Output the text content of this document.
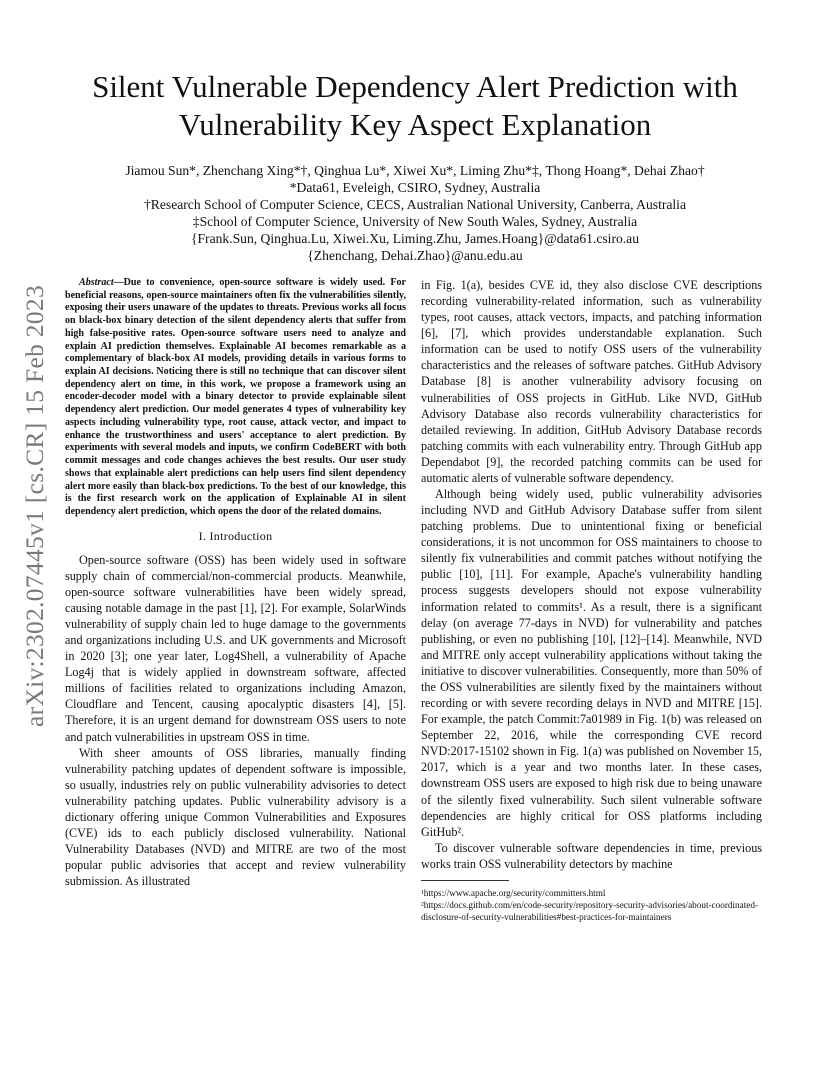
arXiv:2302.07445v1 [cs.CR] 15 Feb 2023
Silent Vulnerable Dependency Alert Prediction with
Vulnerability Key Aspect Explanation
Jiamou Sun*, Zhenchang Xing*†, Qinghua Lu*, Xiwei Xu*, Liming Zhu*‡, Thong Hoang*, Dehai Zhao†
*Data61, Eveleigh, CSIRO, Sydney, Australia
†Research School of Computer Science, CECS, Australian National University, Canberra, Australia
‡School of Computer Science, University of New South Wales, Sydney, Australia
{Frank.Sun, Qinghua.Lu, Xiwei.Xu, Liming.Zhu, James.Hoang}@data61.csiro.au
{Zhenchang, Dehai.Zhao}@anu.edu.au

Abstract—Due to convenience, open-source software is widely used. For beneficial reasons, open-source maintainers often fix the vulnerabilities silently, exposing their users unaware of the updates to threats. Previous works all focus on black-box binary detection of the silent dependency alerts that suffer from high false-positive rates. Open-source software users need to analyze and explain AI prediction themselves. Explainable AI becomes remarkable as a complementary of black-box AI models, providing details in various forms to explain AI decisions. Noticing there is still no technique that can discover silent dependency alert on time, in this work, we propose a framework using an encoder-decoder model with a binary detector to provide explainable silent dependency alert prediction. Our model generates 4 types of vulnerability key aspects including vulnerability type, root cause, attack vector, and impact to enhance the trustworthiness and users' acceptance to alert prediction. By experiments with several models and inputs, we confirm CodeBERT with both commit messages and code changes achieves the best results. Our user study shows that explainable alert predictions can help users find silent dependency alert more easily than black-box predictions. To the best of our knowledge, this is the first research work on the application of Explainable AI in silent dependency alert prediction, which opens the door of the related domains.

I. Introduction

Open-source software (OSS) has been widely used in software supply chain of commercial/non-commercial products. Meanwhile, open-source software vulnerabilities have been widely spread, causing notable damage in the past [1], [2]. For example, SolarWinds vulnerability of supply chain led to huge damage to the governments and organizations including U.S. and UK governments and Microsoft in 2020 [3]; one year later, Log4Shell, a vulnerability of Apache Log4j that is widely applied in downstream software, affected millions of facilities related to organizations including Amazon, Cloudflare and Tencent, causing apocalyptic disasters [4], [5]. Therefore, it is an urgent demand for downstream OSS users to note and patch vulnerabilities in upstream OSS in time.

With sheer amounts of OSS libraries, manually finding vulnerability patching updates of dependent software is impossible, so usually, industries rely on public vulnerability advisories to detect vulnerability patching updates. Public vulnerability advisory is a dictionary offering unique Common Vulnerabilities and Exposures (CVE) ids to each publicly disclosed vulnerability. National Vulnerability Databases (NVD) and MITRE are two of the most popular public advisories that accept and review vulnerability submission. As illustrated

in Fig. 1(a), besides CVE id, they also disclose CVE descriptions recording vulnerability-related information, such as vulnerability types, root causes, attack vectors, impacts, and patching information [6], [7], which provides understandable explanation. Such information can be used to notify OSS users of the vulnerability characteristics and the releases of software patches. GitHub Advisory Database [8] is another vulnerability advisory focusing on vulnerabilities of OSS projects in GitHub. Like NVD, GitHub Advisory Database also records vulnerability characteristics for detailed reviewing. In addition, GitHub Advisory Database records patching commits with each vulnerability entry. Through GitHub app Dependabot [9], the recorded patching commits can be used for automatic alerts of vulnerable software dependency.

Although being widely used, public vulnerability advisories including NVD and GitHub Advisory Database suffer from silent patching problems. Due to unintentional fixing or beneficial considerations, it is not uncommon for OSS maintainers to choose to silently fix vulnerabilities and commit patches without notifying the public [10], [11]. For example, Apache's vulnerability handling process suggests developers should not expose vulnerability information related to commits¹. As a result, there is a significant delay (on average 77-days in NVD) for vulnerability and patches publishing, or even no publishing [10], [12]–[14]. Meanwhile, NVD and MITRE only accept vulnerability applications without taking the initiative to discover vulnerabilities. Consequently, more than 50% of the OSS vulnerabilities are silently fixed by the maintainers without recording or with severe recording delays in NVD and MITRE [15]. For example, the patch Commit:7a01989 in Fig. 1(b) was released on September 22, 2016, while the corresponding CVE record NVD:2017-15102 shown in Fig. 1(a) was published on November 15, 2017, which is a year and two months later. In these cases, downstream OSS users are exposed to high risk due to being unaware of the silently fixed vulnerability. Such silent vulnerable software dependencies are highly critical for OSS platforms including GitHub².

To discover vulnerable software dependencies in time, previous works train OSS vulnerability detectors by machine

¹https://www.apache.org/security/committers.html

²https://docs.github.com/en/code-security/repository-security-advisories/about-coordinated-disclosure-of-security-vulnerabilities#best-practices-for-maintainers
